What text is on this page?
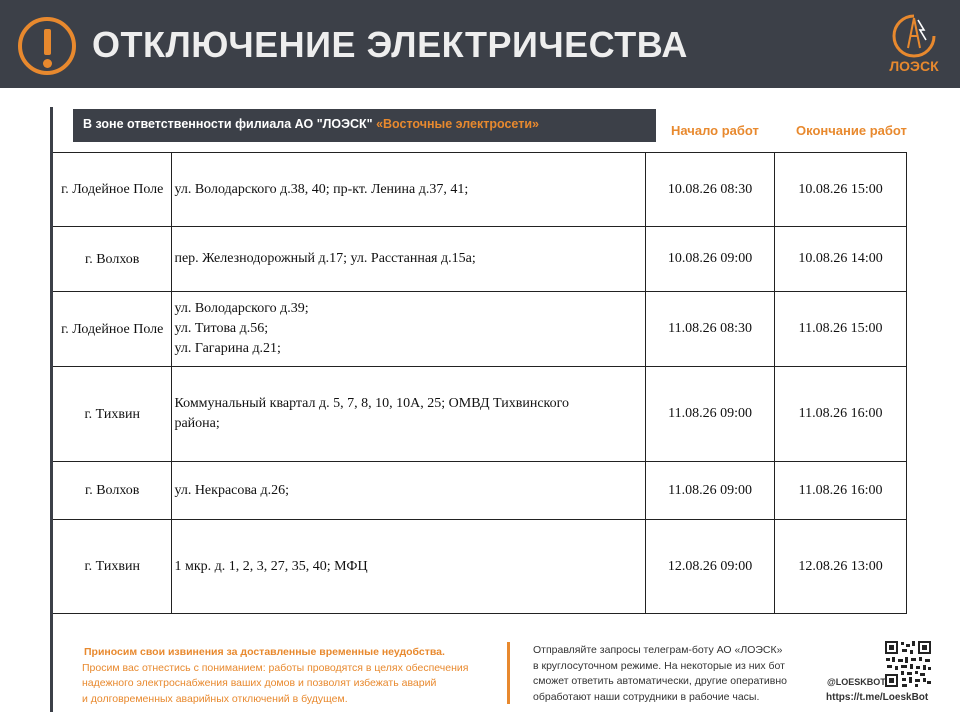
ОТКЛЮЧЕНИЕ ЭЛЕКТРИЧЕСТВА
ЛОЭСК
В зоне ответственности филиала АО "ЛОЭСК" «Восточные электросети»	Начало работ	Окончание работ
г. Лодейное Поле	ул. Володарского д.38, 40; пр-кт. Ленина д.37, 41;	10.08.26 08:30	10.08.26 15:00
г. Волхов	пер. Железнодорожный д.17; ул. Расстанная д.15а;	10.08.26 09:00	10.08.26 14:00
г. Лодейное Поле	ул. Володарского д.39;
ул. Титова д.56;
ул. Гагарина д.21;	11.08.26 08:30	11.08.26 15:00
г. Тихвин	Коммунальный квартал д. 5, 7, 8, 10, 10А, 25; ОМВД Тихвинского
района;	11.08.26 09:00	11.08.26 16:00
г. Волхов	ул. Некрасова д.26;	11.08.26 09:00	11.08.26 16:00
г. Тихвин	1 мкр. д. 1, 2, 3, 27, 35, 40; МФЦ	12.08.26 09:00	12.08.26 13:00
Приносим свои извинения за доставленные временные неудобства.
Просим вас отнестись с пониманием: работы проводятся в целях обеспечения
надежного электроснабжения ваших домов и позволят избежать аварий
и долговременных аварийных отключений в будущем.
Отправляйте запросы телеграм-боту АО «ЛОЭСК»
в круглосуточном режиме. На некоторые из них бот
сможет ответить автоматически, другие оперативно
обработают наши сотрудники в рабочие часы.
@LOESKBOT
https://t.me/LoeskBot
